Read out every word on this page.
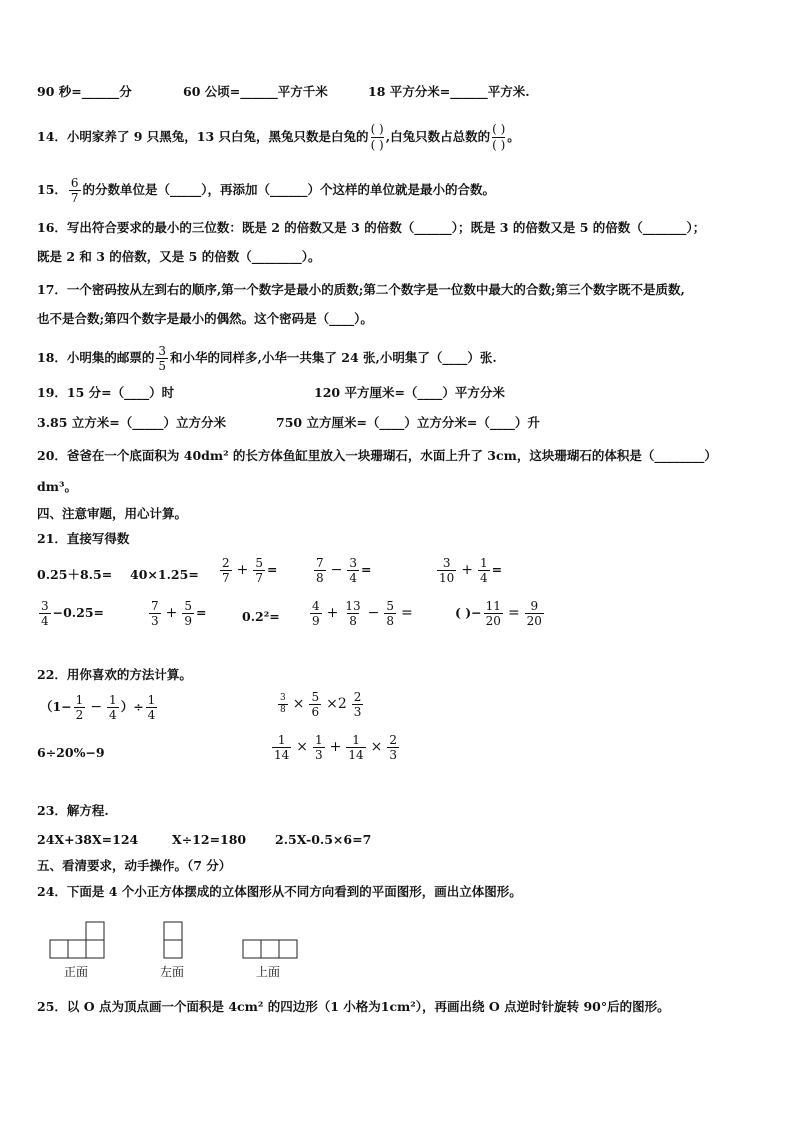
90 秒=______分	60 公顷=______平方千米	18 平方分米=______平方米.
14．小明家养了 9 只黑兔，13 只白兔，黑兔只数是白兔的 ( )
( )
,白兔只数占总数的 ( )
( )
。
15． $\frac{6}{7}$ 的分数单位是（_____），再添加（______）个这样的单位就是最小的合数。
16．写出符合要求的最小的三位数：既是 2 的倍数又是 3 的倍数（______）；既是 3 的倍数又是 5 的倍数（_______）；
既是 2 和 3 的倍数，又是 5 的倍数（________）。
17．一个密码按从左到右的顺序,第一个数字是最小的质数;第二个数字是一位数中最大的合数;第三个数字既不是质数,
也不是合数;第四个数字是最小的偶然。这个密码是（____）。
18．小明集的邮票的 $\frac{3}{5}$ 和小华的同样多,小华一共集了 24 张,小明集了（____）张.
19．15 分=（____）时	120 平方厘米=（____）平方分米
3.85 立方米=（_____）立方分米	750 立方厘米=（____）立方分米=（____）升
20．爸爸在一个底面积为 40dm² 的长方体鱼缸里放入一块珊瑚石，水面上升了 3cm，这块珊瑚石的体积是（________）
dm³。
四、注意审题，用心计算。
21．直接写得数
$0.25+8.5= 40\times 1.25= \frac{2}{7} + \frac{5}{7}$ =	$\frac{7}{8} - \frac{3}{4}$ =	$\frac{3}{10} + \frac{1}{4}$ =
$\frac{3}{4} -0.25=$	$\frac{7}{3} + \frac{5}{9}$ =	0.2²=	$\frac{4}{9} + \frac{13}{8} - \frac{5}{8}$ =	( )− $\frac{11}{20} = \frac{9}{20}$
22．用你喜欢的方法计算。
（$1- \frac{1}{2} - \frac{1}{4}$ ）÷ $\frac{1}{4}$	$\frac{3}{8} \times \frac{5}{6} \times 2 \frac{2}{3}$
6÷20%−9	$\frac{1}{14} \times \frac{1}{3} + \frac{1}{14} \times \frac{2}{3}$
23．解方程.
24X+38X=124	X÷12=180 2.5X-0.5×6=7
五、看清要求，动手操作。（7 分）
24．下面是 4 个小正方体摆成的立体图形从不同方向看到的平面图形，画出立体图形。
正面	左面	上面
25．以 O 点为顶点画一个面积是 4cm² 的四边形（1 小格为1cm²），再画出绕 O 点逆时针旋转 90°后的图形。
